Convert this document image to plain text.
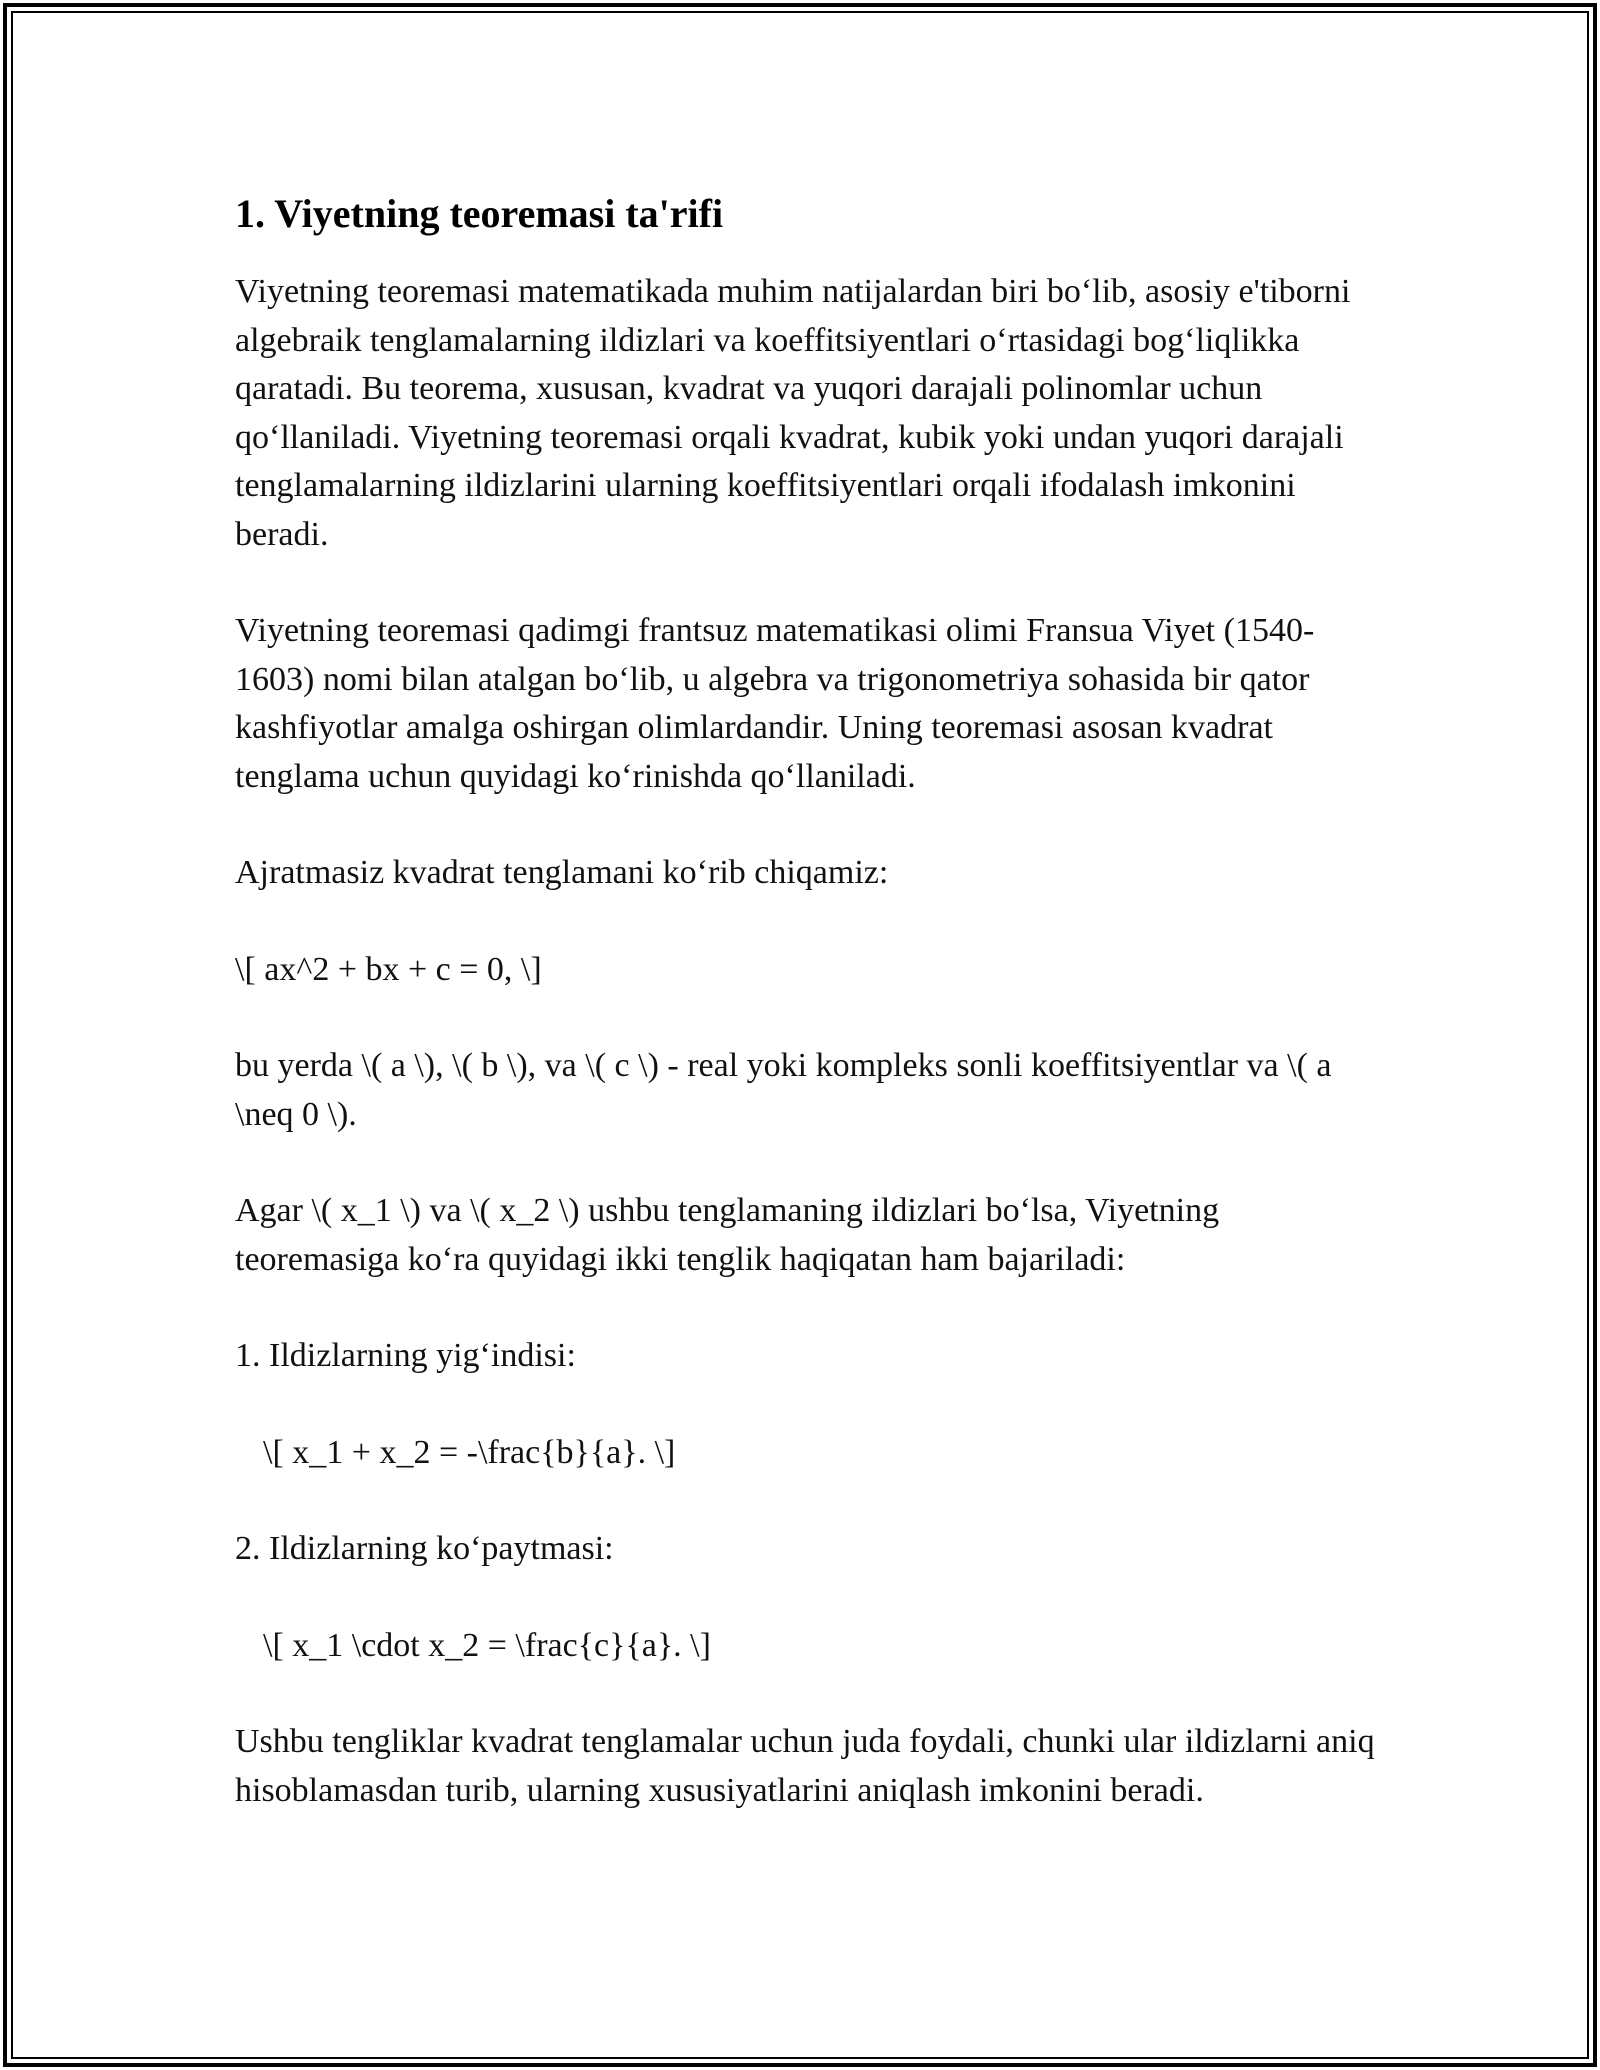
1. Viyetning teoremasi ta'rifi

Viyetning teoremasi matematikada muhim natijalardan biri bo‘lib, asosiy e'tiborni algebraik tenglamalarning ildizlari va koeffitsiyentlari o‘rtasidagi bog‘liqlikka qaratadi. Bu teorema, xususan, kvadrat va yuqori darajali polinomlar uchun qo‘llaniladi. Viyetning teoremasi orqali kvadrat, kubik yoki undan yuqori darajali tenglamalarning ildizlarini ularning koeffitsiyentlari orqali ifodalash imkonini beradi.

Viyetning teoremasi qadimgi frantsuz matematikasi olimi Fransua Viyet (1540-1603) nomi bilan atalgan bo‘lib, u algebra va trigonometriya sohasida bir qator kashfiyotlar amalga oshirgan olimlardandir. Uning teoremasi asosan kvadrat tenglama uchun quyidagi ko‘rinishda qo‘llaniladi.

Ajratmasiz kvadrat tenglamani ko‘rib chiqamiz:

\[ ax^2 + bx + c = 0, \]

bu yerda \( a \), \( b \), va \( c \) - real yoki kompleks sonli koeffitsiyentlar va \( a \neq 0 \).

Agar \( x_1 \) va \( x_2 \) ushbu tenglamaning ildizlari bo‘lsa, Viyetning teoremasiga ko‘ra quyidagi ikki tenglik haqiqatan ham bajariladi:

1. Ildizlarning yig‘indisi:

\[ x_1 + x_2 = -\frac{b}{a}. \]

2. Ildizlarning ko‘paytmasi:

\[ x_1 \cdot x_2 = \frac{c}{a}. \]

Ushbu tengliklar kvadrat tenglamalar uchun juda foydali, chunki ular ildizlarni aniq hisoblamasdan turib, ularning xususiyatlarini aniqlash imkonini beradi.
